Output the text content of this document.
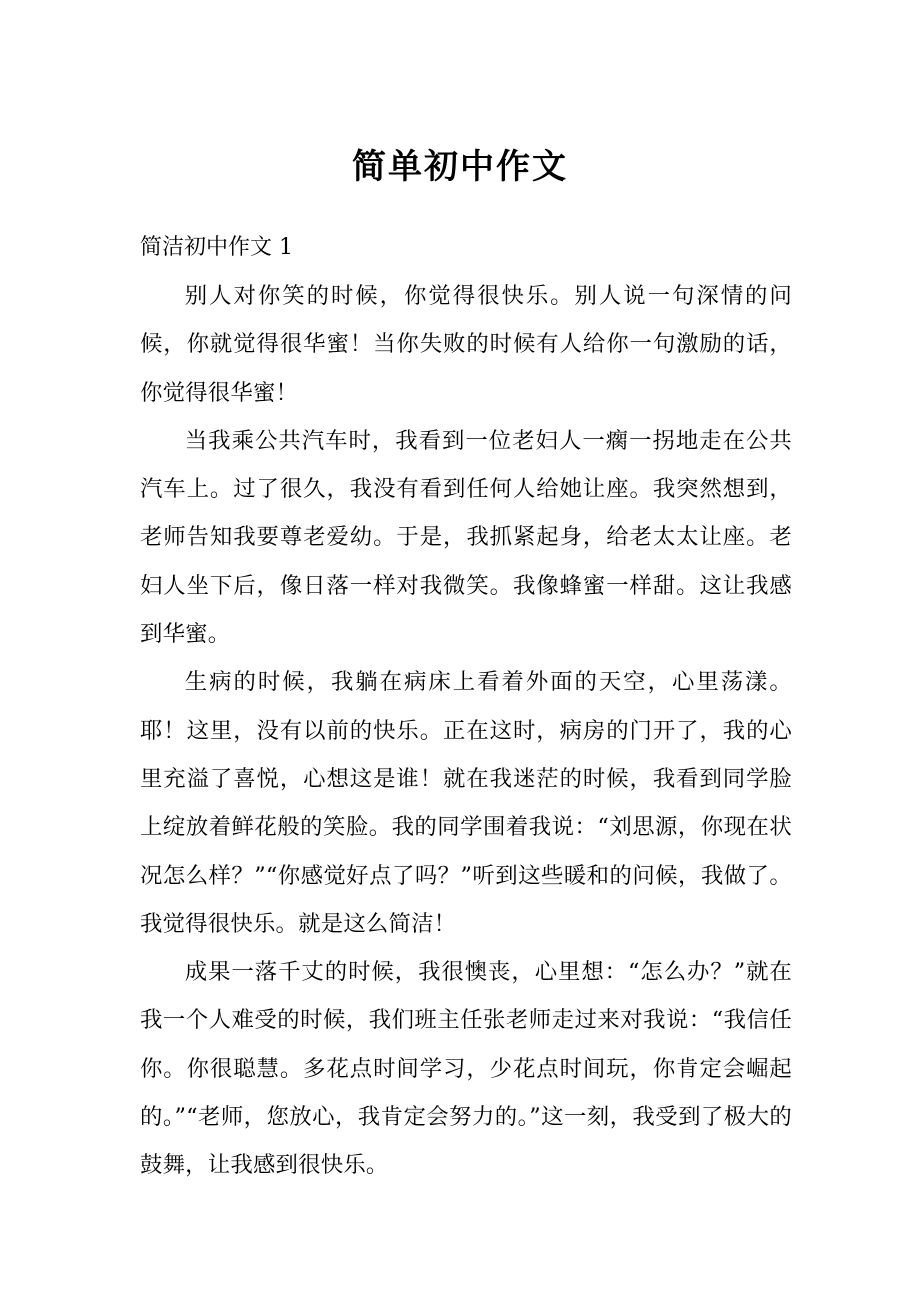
简单初中作文

简洁初中作文 1

别人对你笑的时候，你觉得很快乐。别人说一句深情的问候，你就觉得很华蜜！当你失败的时候有人给你一句激励的话，你觉得很华蜜！

当我乘公共汽车时，我看到一位老妇人一瘸一拐地走在公共汽车上。过了很久，我没有看到任何人给她让座。我突然想到，老师告知我要尊老爱幼。于是，我抓紧起身，给老太太让座。老妇人坐下后，像日落一样对我微笑。我像蜂蜜一样甜。这让我感到华蜜。

生病的时候，我躺在病床上看着外面的天空，心里荡漾。耶！这里，没有以前的快乐。正在这时，病房的门开了，我的心里充溢了喜悦，心想这是谁！就在我迷茫的时候，我看到同学脸上绽放着鲜花般的笑脸。我的同学围着我说：“刘思源，你现在状况怎么样？”“你感觉好点了吗？”听到这些暖和的问候，我做了。我觉得很快乐。就是这么简洁！

成果一落千丈的时候，我很懊丧，心里想：“怎么办？”就在我一个人难受的时候，我们班主任张老师走过来对我说：“我信任你。你很聪慧。多花点时间学习，少花点时间玩，你肯定会崛起的。”“老师，您放心，我肯定会努力的。”这一刻，我受到了极大的鼓舞，让我感到很快乐。
